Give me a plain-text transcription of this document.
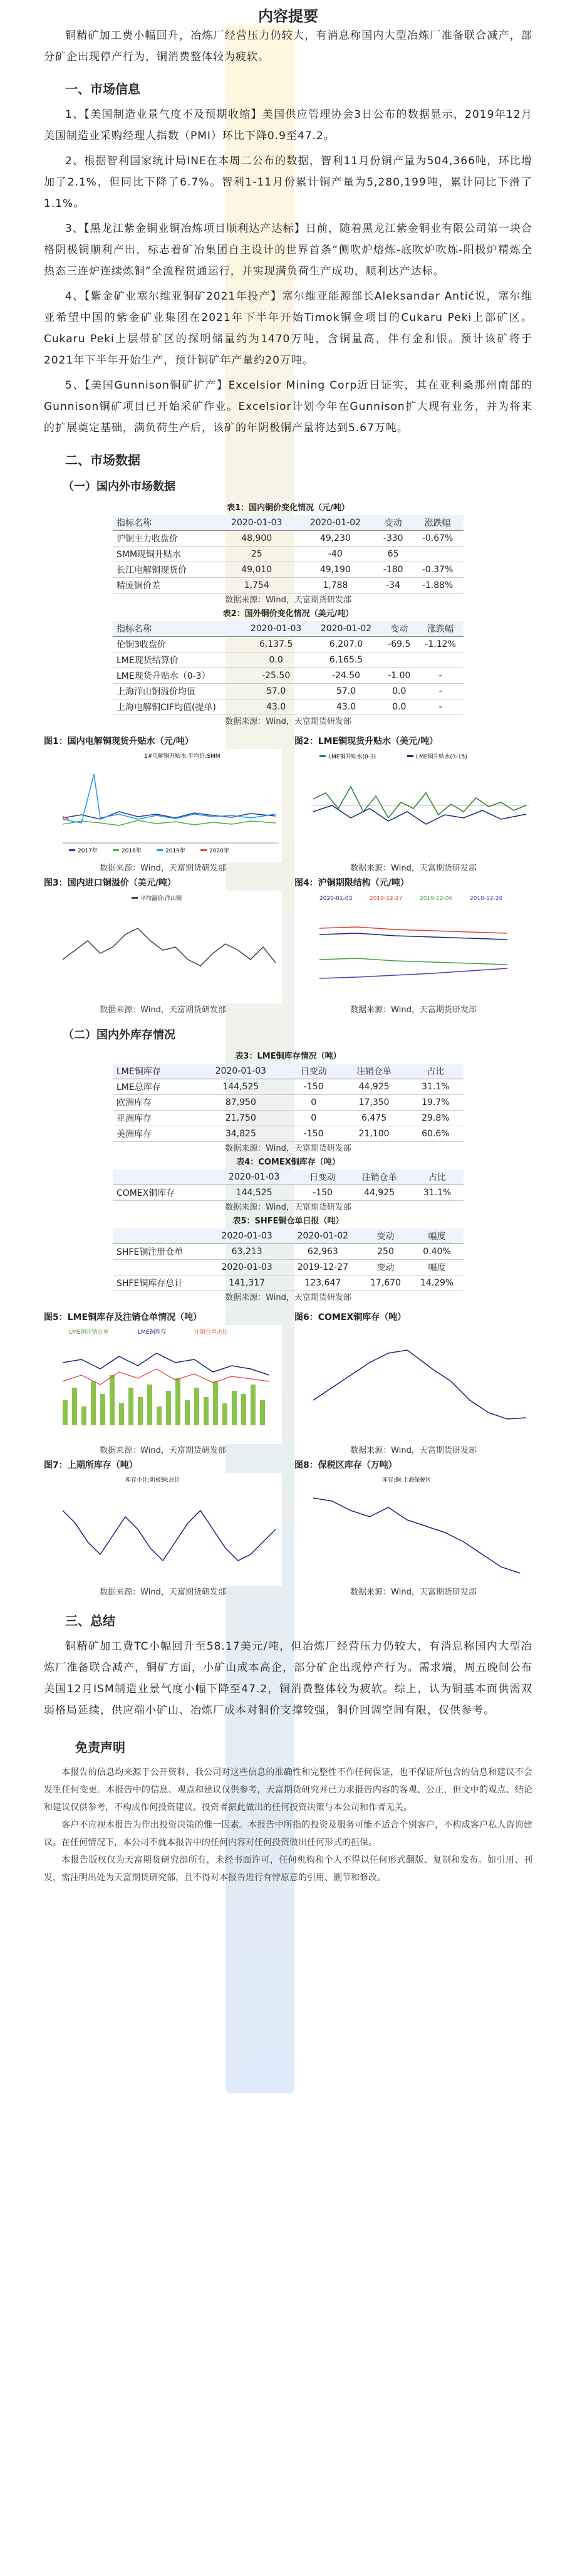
内容提要

铜精矿加工费小幅回升，冶炼厂经营压力仍较大，有消息称国内大型冶炼厂准备联合减产，部分矿企出现停产行为，铜消费整体较为疲软。

一、市场信息

1、【美国制造业景气度不及预期收缩】美国供应管理协会3日公布的数据显示，2019年12月美国制造业采购经理人指数（PMI）环比下降0.9至47.2。

2、根据智利国家统计局INE在本周二公布的数据，智利11月份铜产量为504,366吨，环比增加了2.1%，但同比下降了6.7%。智利1-11月份累计铜产量为5,280,199吨，累计同比下滑了1.1%。

3、【黑龙江紫金铜业铜冶炼项目顺利达产达标】日前，随着黑龙江紫金铜业有限公司第一块合格阴极铜顺利产出，标志着矿冶集团自主设计的世界首条“侧吹炉熔炼-底吹炉吹炼-阳极炉精炼全热态三连炉连续炼铜”全流程贯通运行，并实现满负荷生产成功，顺利达产达标。

4、【紫金矿业塞尔维亚铜矿2021年投产】塞尔维亚能源部长Aleksandar Antić说，塞尔维亚希望中国的紫金矿业集团在2021年下半年开始Timok铜金项目的Cukaru Peki上部矿区。Cukaru Peki上层带矿区的探明储量约为1470万吨，含铜量高，伴有金和银。预计该矿将于2021年下半年开始生产，预计铜矿年产量约20万吨。

5、【美国Gunnison铜矿扩产】Excelsior Mining Corp近日证实，其在亚利桑那州南部的Gunnison铜矿项目已开始采矿作业。Excelsior计划今年在Gunnison扩大现有业务，并为将来的扩展奠定基础，满负荷生产后，该矿的年阴极铜产量将达到5.67万吨。

二、市场数据
（一）国内外市场数据
表1：国内铜价变化情况（元/吨）
指标名称	2020-01-03	2020-01-02	变动	涨跌幅
沪铜主力收盘价	48,900	49,230	-330	-0.67%
SMM现铜升贴水	25	-40	65	
长江电解铜现货价	49,010	49,190	-180	-0.37%
精废铜价差	1,754	1,788	-34	-1.88%
数据来源：Wind，天富期货研发部
表2：国外铜价变化情况（美元/吨）
指标名称	2020-01-03	2020-01-02	变动	涨跌幅
伦铜3收盘价	6,137.5	6,207.0	-69.5	-1.12%
LME现货结算价	0.0	6,165.5		
LME现货升贴水（0-3）	-25.50	-24.50	-1.00	-
上海洋山铜溢价均值	57.0	57.0	0.0	-
上海电解铜CIF均值(提单)	43.0	43.0	0.0	-
数据来源：Wind，天富期货研发部
图1：国内电解铜现货升贴水（元/吨）
1#电解铜升贴水:平均价:SMM
2017年	2018年	2019年	2020年
数据来源：Wind，天富期货研发部
图2：LME铜现货升贴水（美元/吨）
LME铜升贴水(0-3)	LME铜升贴水(3-15)
数据来源：Wind，天富期货研发部
图3：国内进口铜溢价（美元/吨）
平均溢价:洋山铜
数据来源：Wind，天富期货研发部
图4：沪铜期限结构（元/吨）
2020-01-03	2019-12-27	2019-12-06	2018-12-28
数据来源：Wind，天富期货研发部
（二）国内外库存情况
表3：LME铜库存情况（吨）
LME铜库存	2020-01-03	日变动	注销仓单	占比
LME总库存	144,525	-150	44,925	31.1%
欧洲库存	87,950	0	17,350	19.7%
亚洲库存	21,750	0	6,475	29.8%
美洲库存	34,825	-150	21,100	60.6%
数据来源：Wind，天富期货研发部
表4：COMEX铜库存（吨）
	2020-01-03	日变动	注销仓单	占比
COMEX铜库存	144,525	-150	44,925	31.1%
数据来源：Wind，天富期货研发部
表5：SHFE铜仓单日报（吨）
	2020-01-03	2020-01-02	变动	幅度
SHFE铜注册仓单	63,213	62,963	250	0.40%
	2020-01-03	2019-12-27	变动	幅度
SHFE铜库存总计	141,317	123,647	17,670	14.29%
数据来源：Wind，天富期货研发部
图5：LME铜库存及注销仓单情况（吨）
LME铜注销仓单	LME铜库存	注销仓单占比
数据来源：Wind，天富期货研发部
图6：COMEX铜库存（吨）
数据来源：Wind，天富期货研发部
图7：上期所库存（吨）
库存小计:阴极铜:总计
数据来源：Wind，天富期货研发部
图8：保税区库存（万吨）
库存:铜:上海保税区
数据来源：Wind，天富期货研发部
三、总结

铜精矿加工费TC小幅回升至58.17美元/吨，但冶炼厂经营压力仍较大，有消息称国内大型冶炼厂准备联合减产，铜矿方面，小矿山成本高企，部分矿企出现停产行为。需求端，周五晚间公布美国12月ISM制造业景气度小幅下降至47.2，铜消费整体较为疲软。综上，认为铜基本面供需双弱格局延续，供应端小矿山、冶炼厂成本对铜价支撑较强，铜价回调空间有限，仅供参考。

免责声明

本报告的信息均来源于公开资料，我公司对这些信息的准确性和完整性不作任何保证，也不保证所包含的信息和建议不会发生任何变更。本报告中的信息、观点和建议仅供参考，天富期货研究并已力求报告内容的客观、公正，但文中的观点、结论和建议仅供参考，不构成作何投资建议。投资者据此做出的任何投资决策与本公司和作者无关。

客户不应视本报告为作出投资决策的惟一因素。本报告中所指的投资及服务可能不适合个别客户，不构成客户私人咨询建议。在任何情况下，本公司不就本报告中的任何内容对任何投资做出任何形式的担保。

本报告版权仅为天富期货研究部所有，未经书面许可，任何机构和个人不得以任何形式翻版、复制和发布。如引用、刊发，需注明出处为天富期货研究部，且不得对本报告进行有悖原意的引用、删节和修改。
